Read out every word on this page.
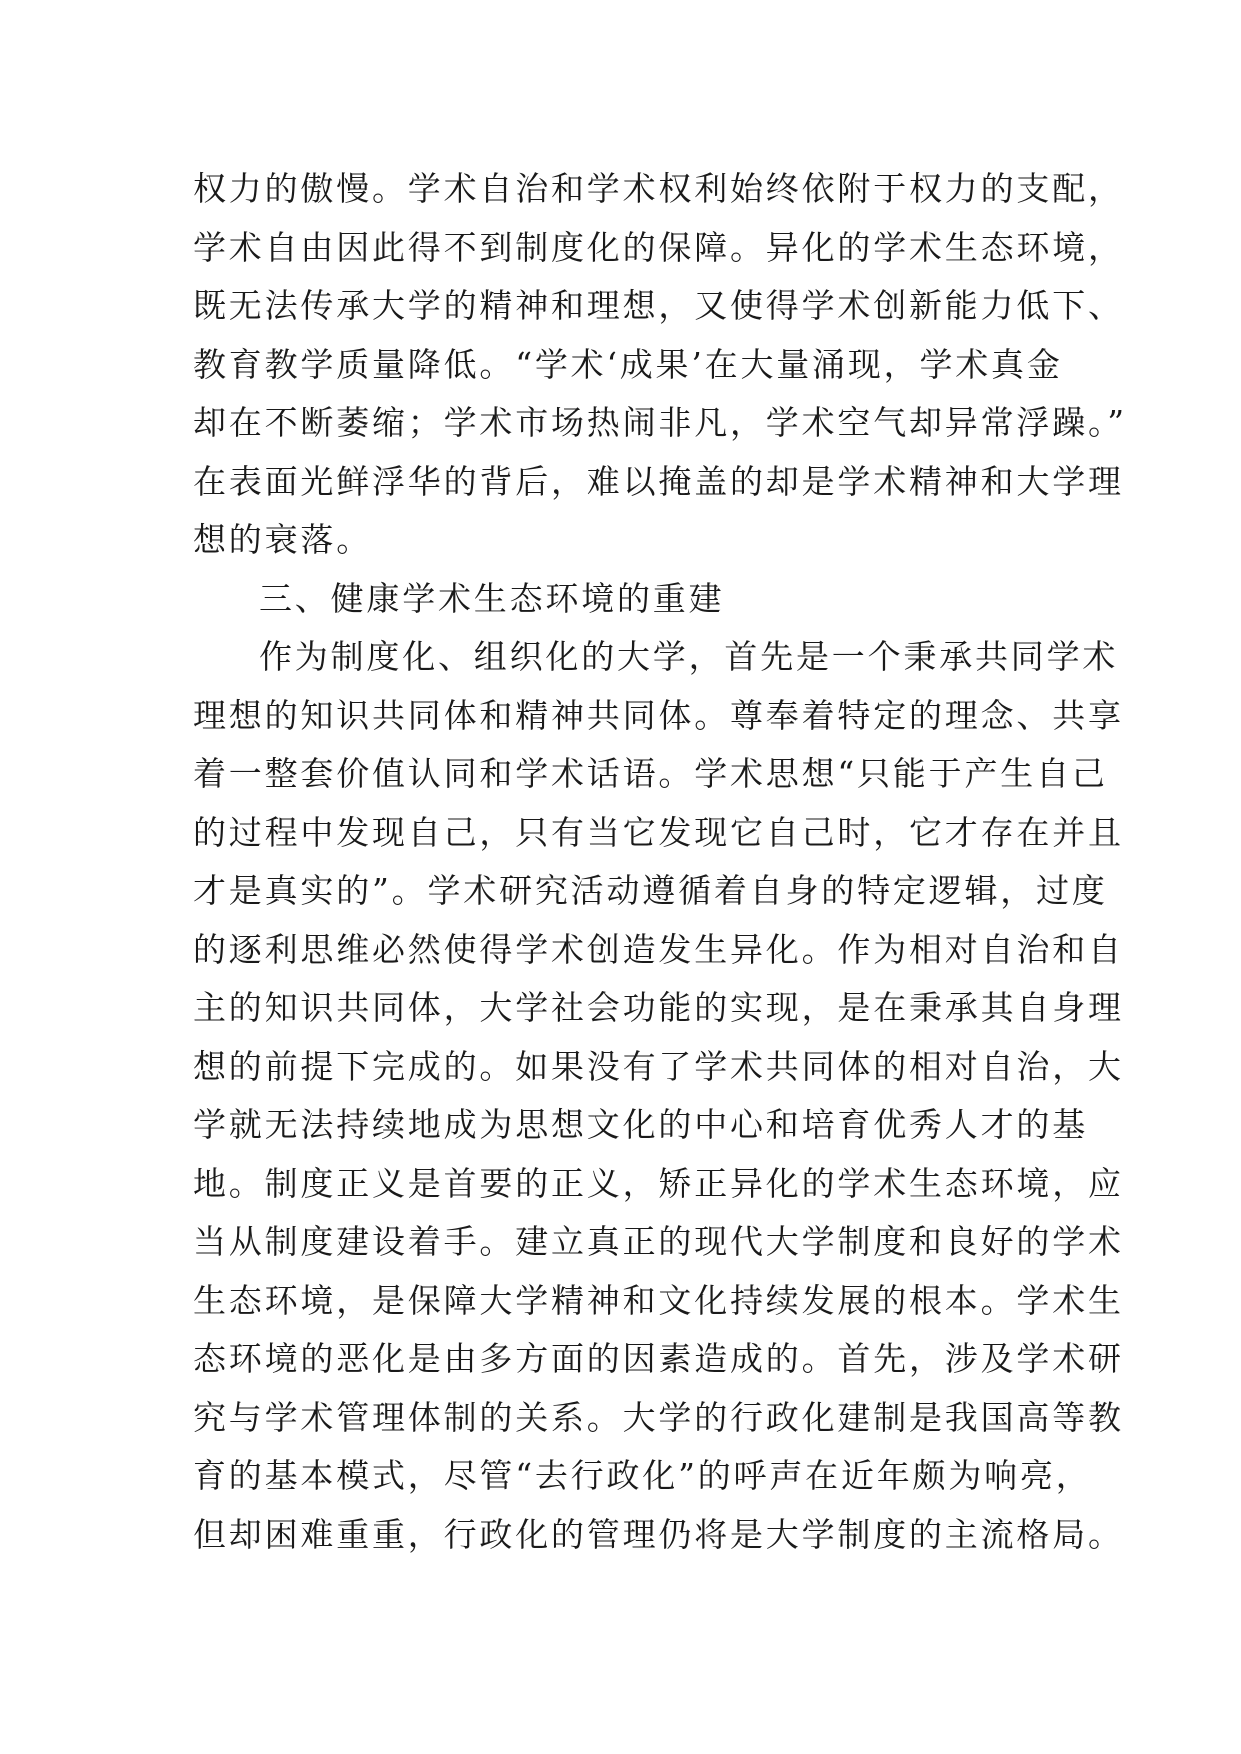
权力的傲慢。学术自治和学术权利始终依附于权力的支配，
学术自由因此得不到制度化的保障。异化的学术生态环境，
既无法传承大学的精神和理想，又使得学术创新能力低下、
教育教学质量降低。“学术‘成果’在大量涌现，学术真金
却在不断萎缩；学术市场热闹非凡，学术空气却异常浮躁。”
在表面光鲜浮华的背后，难以掩盖的却是学术精神和大学理
想的衰落。
三、健康学术生态环境的重建
作为制度化、组织化的大学，首先是一个秉承共同学术
理想的知识共同体和精神共同体。尊奉着特定的理念、共享
着一整套价值认同和学术话语。学术思想“只能于产生自己
的过程中发现自己，只有当它发现它自己时，它才存在并且
才是真实的”。学术研究活动遵循着自身的特定逻辑，过度
的逐利思维必然使得学术创造发生异化。作为相对自治和自
主的知识共同体，大学社会功能的实现，是在秉承其自身理
想的前提下完成的。如果没有了学术共同体的相对自治，大
学就无法持续地成为思想文化的中心和培育优秀人才的基
地。制度正义是首要的正义，矫正异化的学术生态环境，应
当从制度建设着手。建立真正的现代大学制度和良好的学术
生态环境，是保障大学精神和文化持续发展的根本。学术生
态环境的恶化是由多方面的因素造成的。首先，涉及学术研
究与学术管理体制的关系。大学的行政化建制是我国高等教
育的基本模式，尽管“去行政化”的呼声在近年颇为响亮，
但却困难重重，行政化的管理仍将是大学制度的主流格局。
